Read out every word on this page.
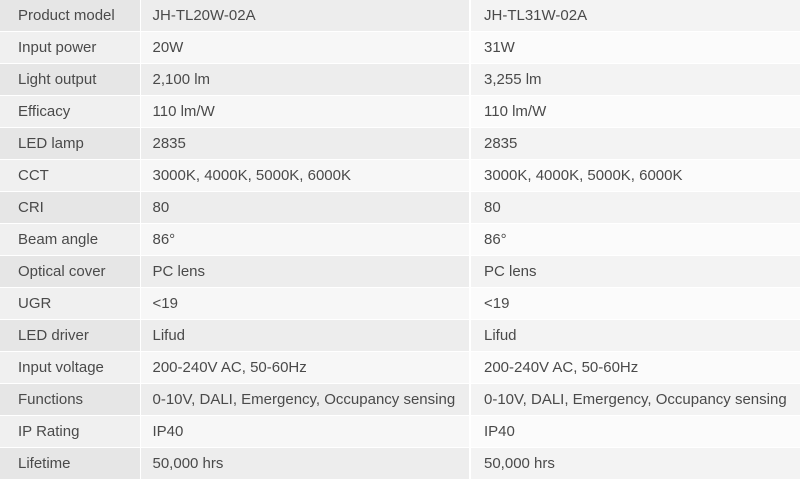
Product model	JH-TL20W-02A	JH-TL31W-02A
Input power	20W	31W
Light output	2,100 lm	3,255 lm
Efficacy	110 lm/W	110 lm/W
LED lamp	2835	2835
CCT	3000K, 4000K, 5000K, 6000K	3000K, 4000K, 5000K, 6000K
CRI	80	80
Beam angle	86°	86°
Optical cover	PC lens	PC lens
UGR	<19	<19
LED driver	Lifud	Lifud
Input voltage	200-240V AC, 50-60Hz	200-240V AC, 50-60Hz
Functions	0-10V, DALI, Emergency, Occupancy sensing	0-10V, DALI, Emergency, Occupancy sensing
IP Rating	IP40	IP40
Lifetime	50,000 hrs	50,000 hrs
